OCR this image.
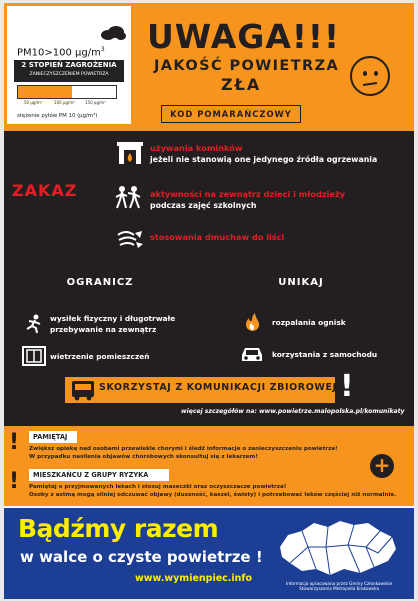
PM10>100 $\mu g/m^3$
2 STOPIEŃ ZAGROŻENIA
ZANIECZYSZCZENIEM POWIETRZA
50 μg/m³	100 μg/m³	150 μg/m³
stężenie pyłów PM 10 (μg/m³)
UWAGA!!!
JAKOŚĆ POWIETRZA
ZŁA
KOD POMARAŃCZOWY
ZAKAZ
używania kominków
jeżeli nie stanowią one jedynego źródła ogrzewania
aktywności na zewnątrz dzieci i młodzieży
podczas zajęć szkolnych
stosowania dmuchaw do liści
OGRANICZ	UNIKAJ
wysiłek fizyczny i długotrwałe
przebywanie na zewnątrz
wietrzenie pomieszczeń
rozpalania ognisk
korzystania z samochodu
SKORZYSTAJ Z KOMUNIKACJI ZBIOROWEJ !
więcej szczegółów na: www.powietrze.malopolska.pl/komunikaty
!	PAMIĘTAJ
Zwiększ opiekę nad osobami przewlekle chorymi i śledź informacje o zanieczyszczeniu powietrza!
W przypadku nasilenia objawów chorobowych skonsultuj się z lekarzem!
!	MIESZKAŃCU Z GRUPY RYZYKA
Pamiętaj o przyjmowanych lekach i stosuj maseczki oraz oczyszczacze powietrza!
Osoby z astmą mogą silniej odczuwać objawy (duszność, kaszel, świsty) i potrzebować leków częściej niż normalnie.
+
Bądźmy razem
w walce o czyste powietrze !
www.wymienpiec.info	Informacja opracowana przez Gminy Członkowskie
Stowarzyszenia Metropolia Krakowska
